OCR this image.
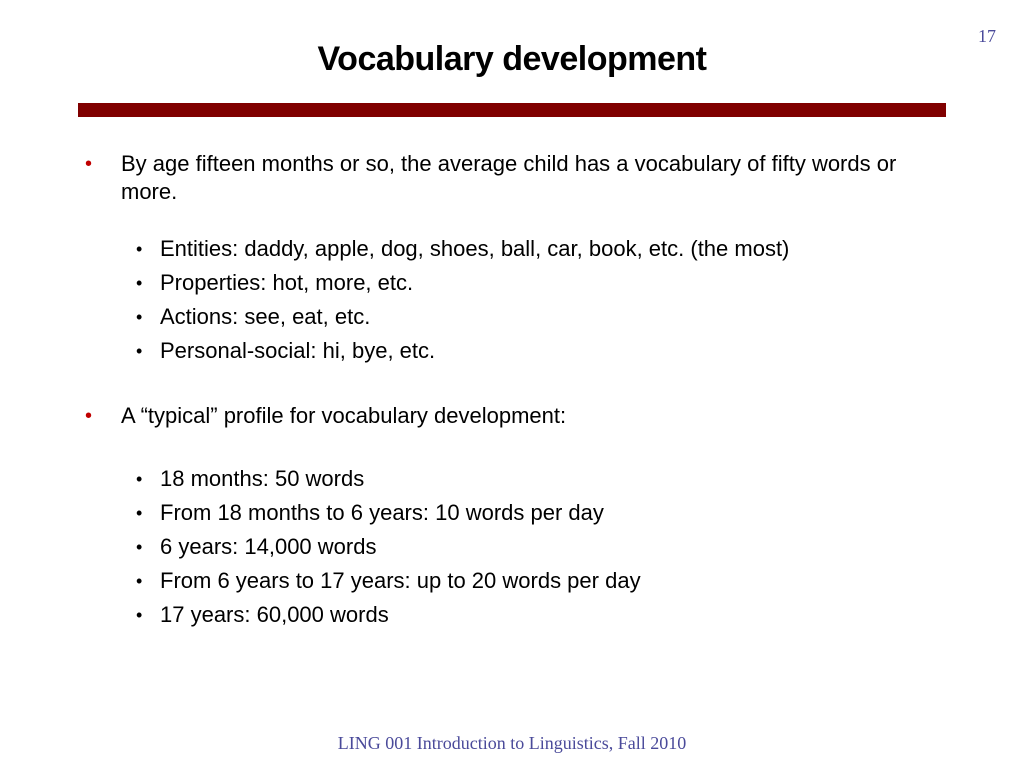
17
Vocabulary development
• By age fifteen months or so, the average child has a vocabulary of fifty words or more.
• Entities: daddy, apple, dog, shoes, ball, car, book, etc. (the most)
• Properties: hot, more, etc.
• Actions: see, eat, etc.
• Personal-social: hi, bye, etc.
• A “typical” profile for vocabulary development:
• 18 months: 50 words
• From 18 months to 6 years: 10 words per day
• 6 years: 14,000 words
• From 6 years to 17 years: up to 20 words per day
• 17 years: 60,000 words
LING 001 Introduction to Linguistics, Fall 2010
